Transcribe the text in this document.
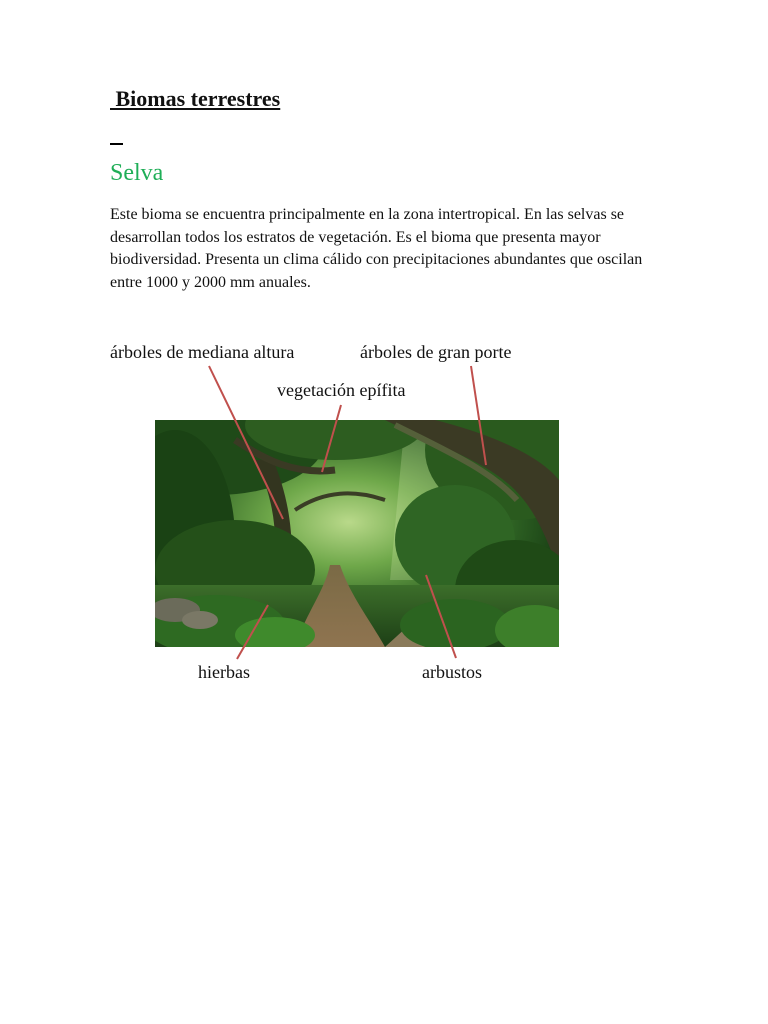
Biomas terrestres
Selva

Este bioma se encuentra principalmente en la zona intertropical. En las selvas se desarrollan todos los estratos de vegetación. Es el bioma que presenta mayor biodiversidad. Presenta un clima cálido con precipitaciones abundantes que oscilan entre 1000 y 2000 mm anuales.

árboles de mediana altura	árboles de gran porte
vegetación epífita
hierbas	arbustos
